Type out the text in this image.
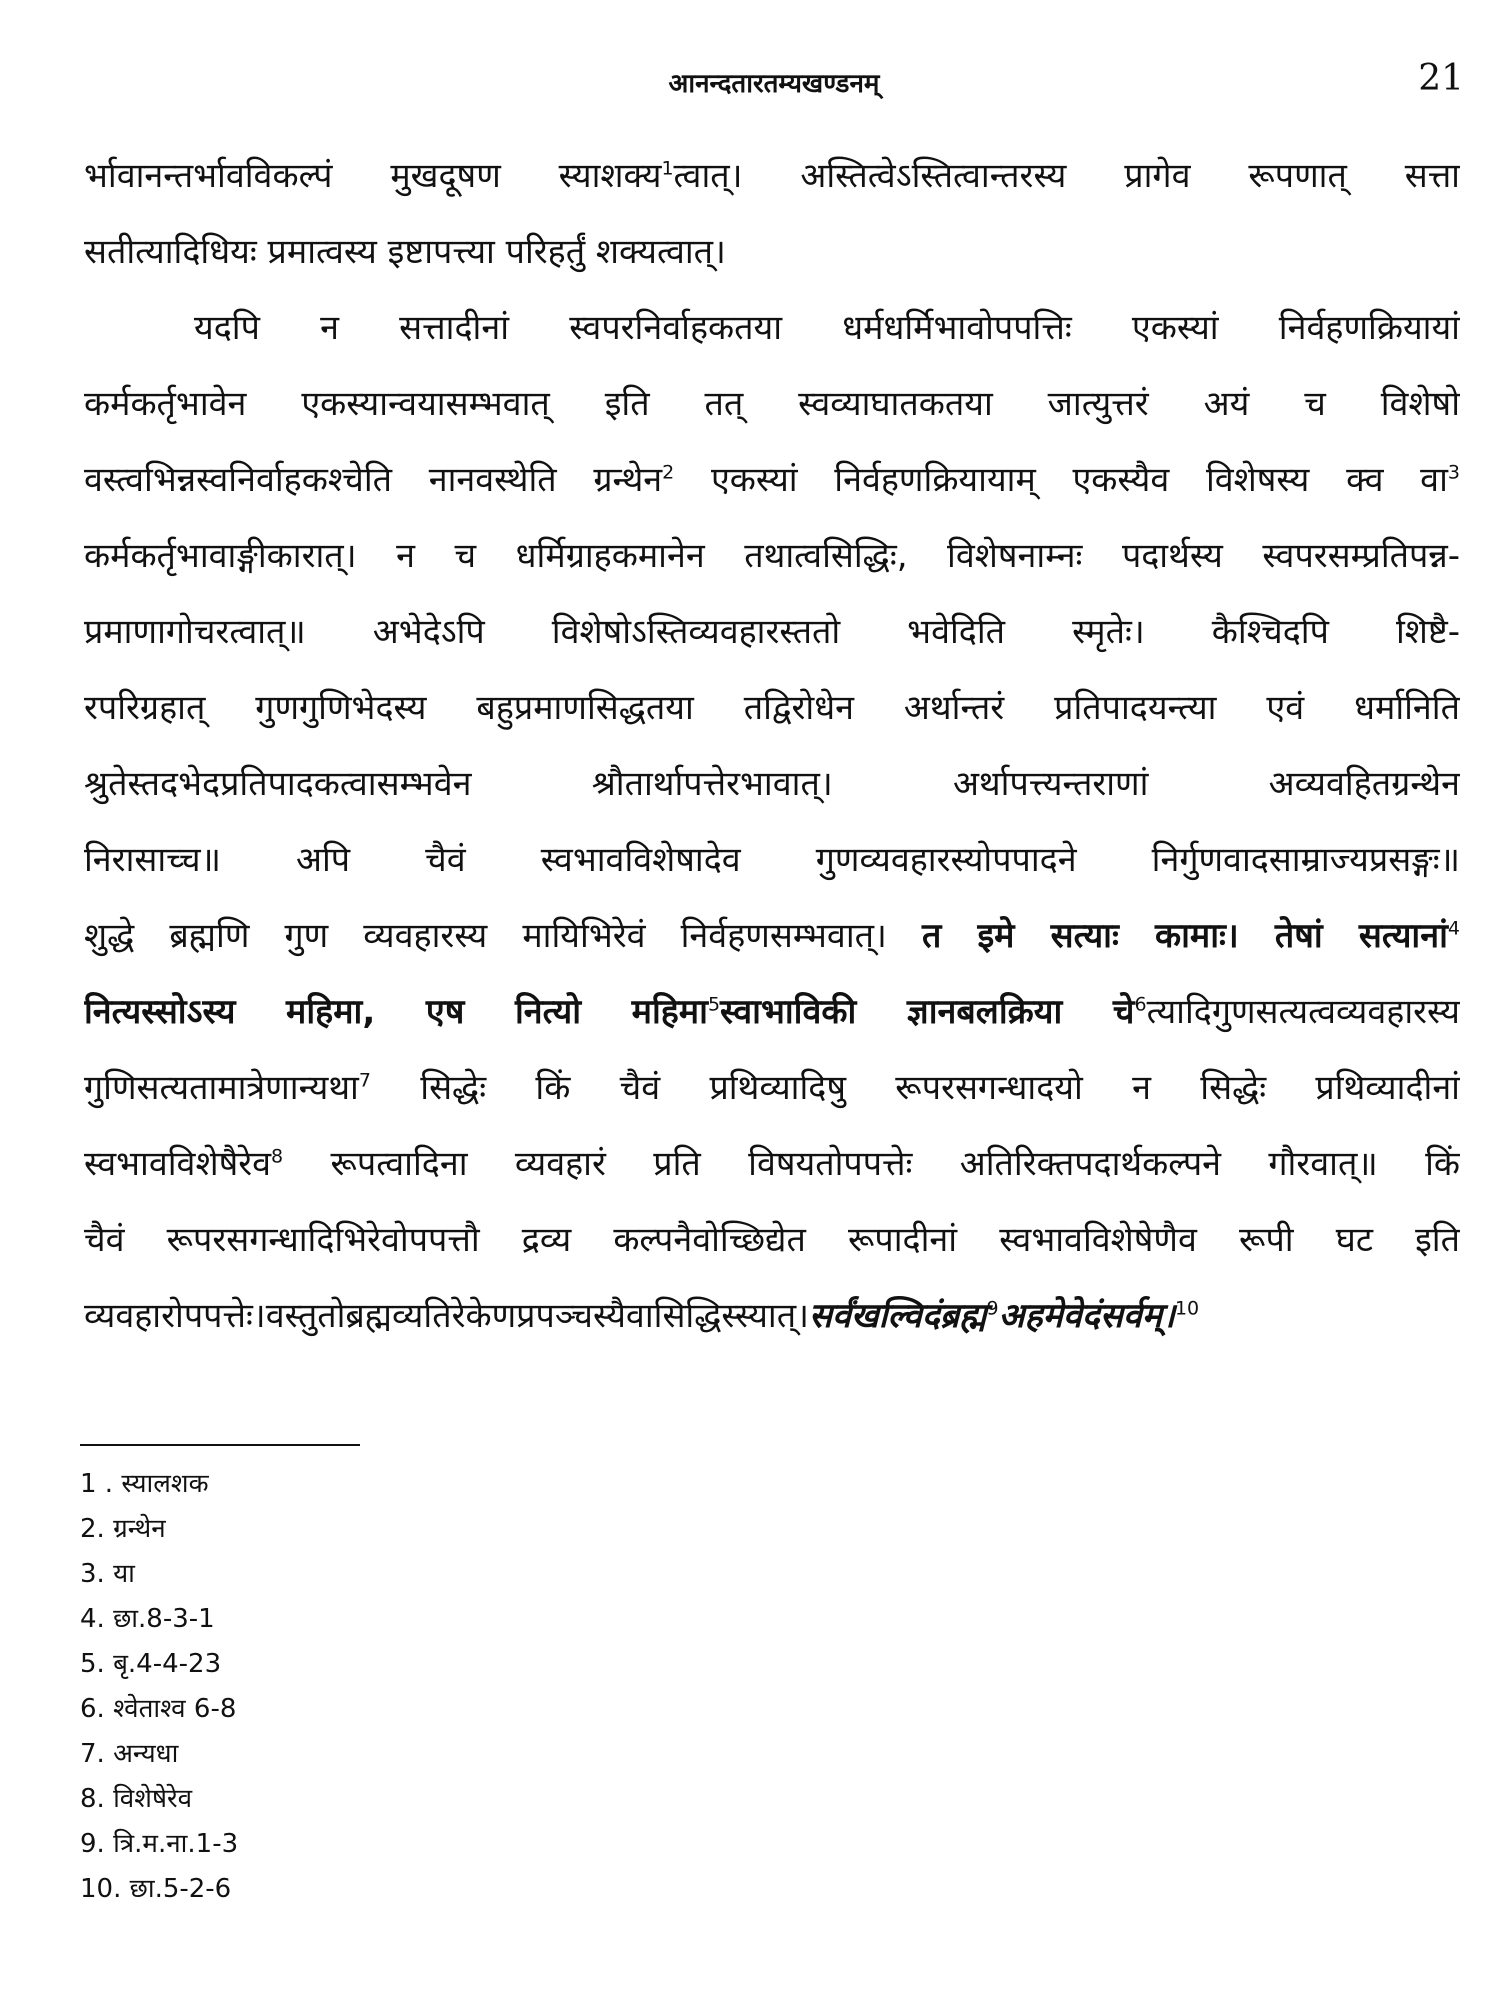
आनन्दतारतम्यखण्डनम्	21
र्भावानन्तर्भावविकल्पं मुखदूषण स्याशक्य$^1$त्वात्। अस्तित्वेऽस्तित्वान्तरस्य प्रागेव रूपणात् सत्ता
सतीत्यादिधियः प्रमात्वस्य इष्टापत्त्या परिहर्तुं शक्यत्वात्।
यदपि न सत्तादीनां स्वपरनिर्वाहकतया धर्मधर्मिभावोपपत्तिः एकस्यां निर्वहणक्रियायां
कर्मकर्तृभावेन एकस्यान्वयासम्भवात् इति तत् स्वव्याघातकतया जात्युत्तरं अयं च विशेषो
वस्त्वभिन्नस्वनिर्वाहकश्चेति नानवस्थेति ग्रन्थेन$^2$ एकस्यां निर्वहणक्रियायाम् एकस्यैव विशेषस्य क्व वा$^3$
कर्मकर्तृभावाङ्गीकारात्। न च धर्मिग्राहकमानेन तथात्वसिद्धिः, विशेषनाम्नः पदार्थस्य स्वपरसम्प्रतिपन्न-
प्रमाणागोचरत्वात्॥ अभेदेऽपि विशेषोऽस्तिव्यवहारस्ततो भवेदिति स्मृतेः। कैश्चिदपि शिष्टै-
रपरिग्रहात् गुणगुणिभेदस्य बहुप्रमाणसिद्धतया तद्विरोधेन अर्थान्तरं प्रतिपादयन्त्या एवं धर्मानिति
श्रुतेस्तदभेदप्रतिपादकत्वासम्भवेन श्रौतार्थापत्तेरभावात्। अर्थापत्त्यन्तराणां अव्यवहितग्रन्थेन
निरासाच्च॥ अपि चैवं स्वभावविशेषादेव गुणव्यवहारस्योपपादने निर्गुणवादसाम्राज्यप्रसङ्गः॥
शुद्धे ब्रह्मणि गुण व्यवहारस्य मायिभिरेवं निर्वहणसम्भवात्। त इमे सत्याः कामाः। तेषां सत्यानां$^4$
नित्यस्सोऽस्य महिमा, एष नित्यो महिमा$^5$स्वाभाविकी ज्ञानबलक्रिया चे$^6$त्यादिगुणसत्यत्वव्यवहारस्य
गुणिसत्यतामात्रेणान्यथा$^7$ सिद्धेः किं चैवं प्रथिव्यादिषु रूपरसगन्धादयो न सिद्धेः प्रथिव्यादीनां
स्वभावविशेषैरेव$^8$ रूपत्वादिना व्यवहारं प्रति विषयतोपपत्तेः अतिरिक्तपदार्थकल्पने गौरवात्॥ किं
चैवं रूपरसगन्धादिभिरेवोपपत्तौ द्रव्य कल्पनैवोच्छिद्येत रूपादीनां स्वभावविशेषेणैव रूपी घट इति
व्यवहारोपपत्तेः।वस्तुतोब्रह्मव्यतिरेकेणप्रपञ्चस्यैवासिद्धिस्स्यात्।सर्वंखल्विदंब्रह्म$^9$अहमेवेदंसर्वम्।$^{10}$
1 . स्यालशक
2. ग्रन्थेन
3. या
4. छा.8-3-1
5. बृ.4-4-23
6. श्वेताश्व 6-8
7. अन्यधा
8. विशेषेरेव
9. त्रि.म.ना.1-3
10. छा.5-2-6
